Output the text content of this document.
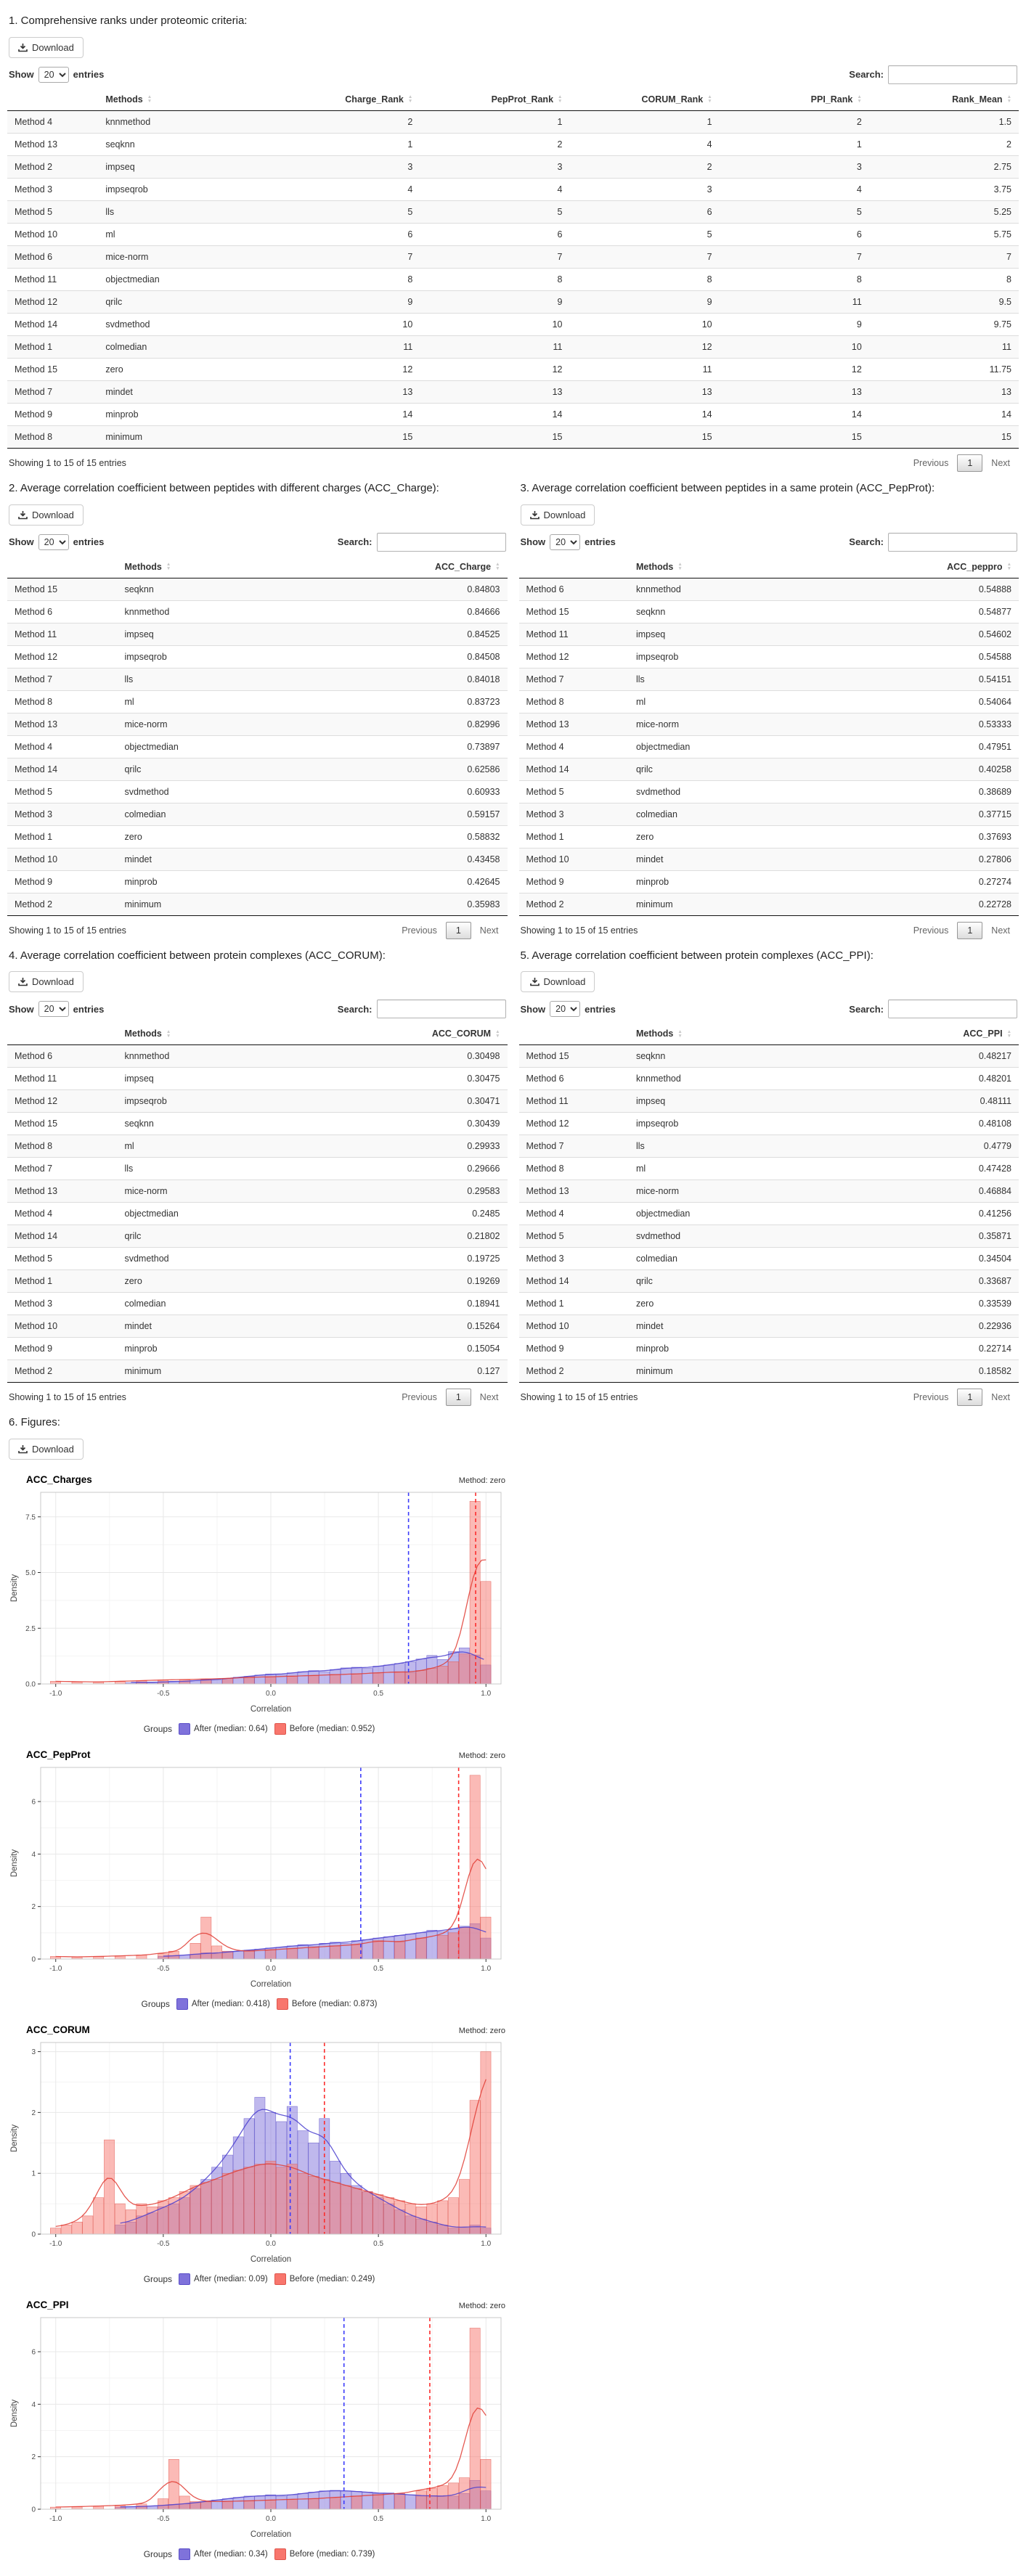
1. Comprehensive ranks under proteomic criteria:
Download
Show
20	entries	Search:
	Methods ▲
▼	Charge_Rank ▲
▼	PepProt_Rank ▲
▼	CORUM_Rank ▲
▼	PPI_Rank ▲
▼	Rank_Mean ▲
▼

Method 4	knnmethod	2	1	1	2	1.5
Method 13	seqknn	1	2	4	1	2
Method 2	impseq	3	3	2	3	2.75
Method 3	impseqrob	4	4	3	4	3.75
Method 5	lls	5	5	6	5	5.25
Method 10	ml	6	6	5	6	5.75
Method 6	mice-norm	7	7	7	7	7
Method 11	objectmedian	8	8	8	8	8
Method 12	qrilc	9	9	9	11	9.5
Method 14	svdmethod	10	10	10	9	9.75
Method 1	colmedian	11	11	12	10	11
Method 15	zero	12	12	11	12	11.75
Method 7	mindet	13	13	13	13	13
Method 9	minprob	14	14	14	14	14
Method 8	minimum	15	15	15	15	15
Showing 1 to 15 of 15 entries	Previous	1	Next
2. Average correlation coefficient between peptides with different charges (ACC_Charge):
Download
Show
20	entries	Search:
	Methods ▲
▼	ACC_Charge ▲
▼

Method 15	seqknn	0.84803
Method 6	knnmethod	0.84666
Method 11	impseq	0.84525
Method 12	impseqrob	0.84508
Method 7	lls	0.84018
Method 8	ml	0.83723
Method 13	mice-norm	0.82996
Method 4	objectmedian	0.73897
Method 14	qrilc	0.62586
Method 5	svdmethod	0.60933
Method 3	colmedian	0.59157
Method 1	zero	0.58832
Method 10	mindet	0.43458
Method 9	minprob	0.42645
Method 2	minimum	0.35983
Showing 1 to 15 of 15 entries	Previous	1	Next
3. Average correlation coefficient between peptides in a same protein (ACC_PepProt):
Download
Show
20	entries	Search:
	Methods ▲
▼	ACC_peppro ▲
▼

Method 6	knnmethod	0.54888
Method 15	seqknn	0.54877
Method 11	impseq	0.54602
Method 12	impseqrob	0.54588
Method 7	lls	0.54151
Method 8	ml	0.54064
Method 13	mice-norm	0.53333
Method 4	objectmedian	0.47951
Method 14	qrilc	0.40258
Method 5	svdmethod	0.38689
Method 3	colmedian	0.37715
Method 1	zero	0.37693
Method 10	mindet	0.27806
Method 9	minprob	0.27274
Method 2	minimum	0.22728
Showing 1 to 15 of 15 entries	Previous	1	Next
4. Average correlation coefficient between protein complexes (ACC_CORUM):
Download
Show
20	entries	Search:
	Methods ▲
▼	ACC_CORUM ▲
▼

Method 6	knnmethod	0.30498
Method 11	impseq	0.30475
Method 12	impseqrob	0.30471
Method 15	seqknn	0.30439
Method 8	ml	0.29933
Method 7	lls	0.29666
Method 13	mice-norm	0.29583
Method 4	objectmedian	0.2485
Method 14	qrilc	0.21802
Method 5	svdmethod	0.19725
Method 1	zero	0.19269
Method 3	colmedian	0.18941
Method 10	mindet	0.15264
Method 9	minprob	0.15054
Method 2	minimum	0.127
Showing 1 to 15 of 15 entries	Previous	1	Next
5. Average correlation coefficient between protein complexes (ACC_PPI):
Download
Show
20	entries	Search:
	Methods ▲
▼	ACC_PPI ▲
▼

Method 15	seqknn	0.48217
Method 6	knnmethod	0.48201
Method 11	impseq	0.48111
Method 12	impseqrob	0.48108
Method 7	lls	0.4779
Method 8	ml	0.47428
Method 13	mice-norm	0.46884
Method 4	objectmedian	0.41256
Method 5	svdmethod	0.35871
Method 3	colmedian	0.34504
Method 14	qrilc	0.33687
Method 1	zero	0.33539
Method 10	mindet	0.22936
Method 9	minprob	0.22714
Method 2	minimum	0.18582
Showing 1 to 15 of 15 entries	Previous	1	Next
6. Figures:
Download
ACC_Charges	Method: zero
0.0
2.5
5.0
7.5
-1.0	-0.5	0.0	0.5	1.0
Density
Correlation
Groups	After (median: 0.64)	Before (median: 0.952)
ACC_PepProt	Method: zero
0
2
4
6
-1.0	-0.5	0.0	0.5	1.0
Density
Correlation
Groups	After (median: 0.418)	Before (median: 0.873)
ACC_CORUM	Method: zero
0
1
2
3
-1.0	-0.5	0.0	0.5	1.0
Density
Correlation
Groups	After (median: 0.09)	Before (median: 0.249)
ACC_PPI	Method: zero
0
2
4
6
-1.0	-0.5	0.0	0.5	1.0
Density
Correlation
Groups	After (median: 0.34)	Before (median: 0.739)
